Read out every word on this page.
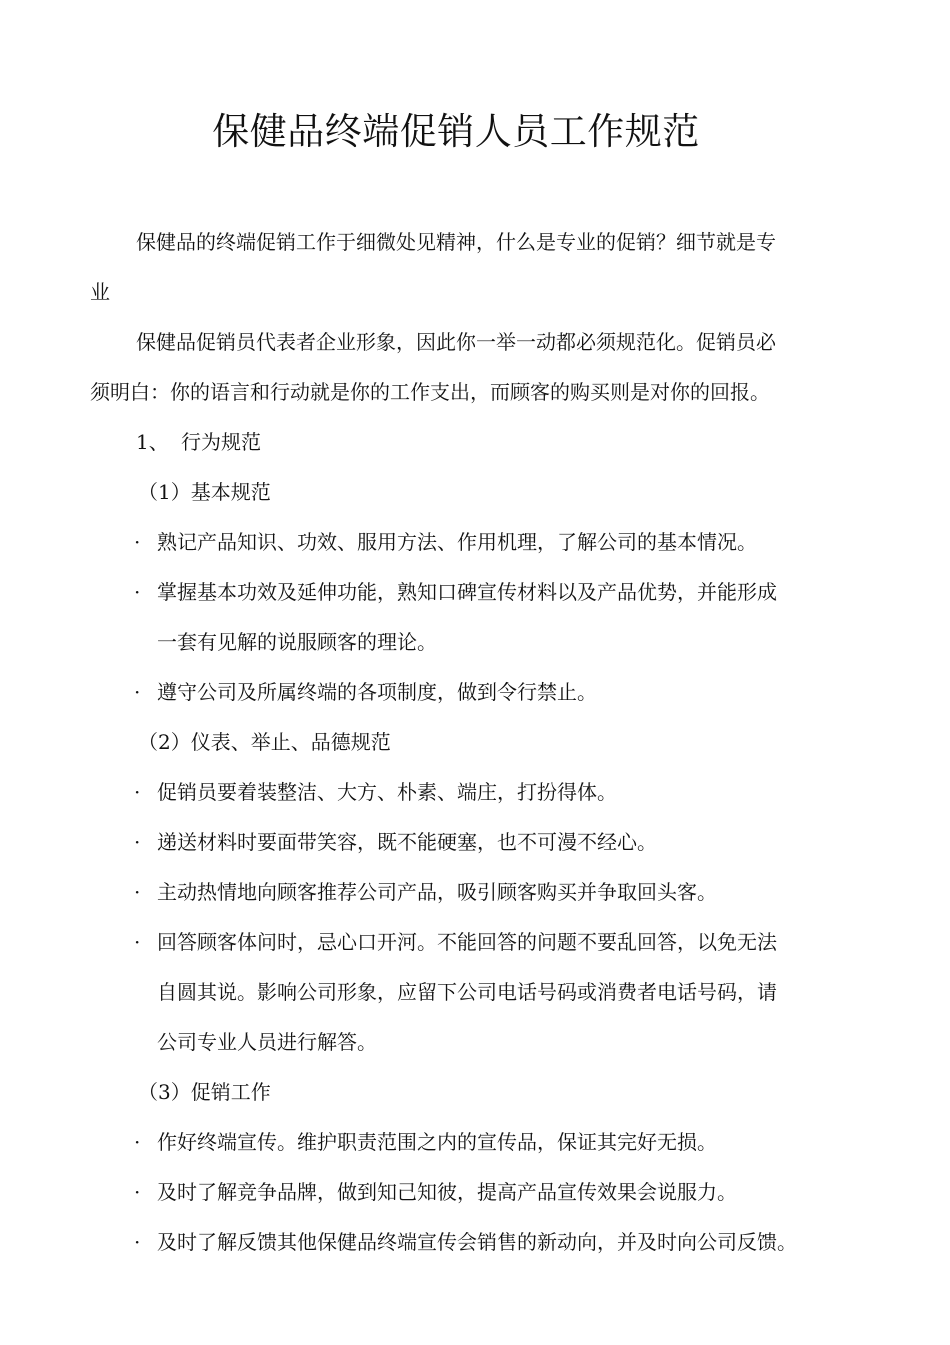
保健品终端促销人员工作规范
保健品的终端促销工作于细微处见精神，什么是专业的促销？细节就是专
业
保健品促销员代表者企业形象，因此你一举一动都必须规范化。促销员必
须明白：你的语言和行动就是你的工作支出，而顾客的购买则是对你的回报。
1、 行为规范
（1）基本规范
· 熟记产品知识、功效、服用方法、作用机理，了解公司的基本情况。
· 掌握基本功效及延伸功能，熟知口碑宣传材料以及产品优势，并能形成
一套有见解的说服顾客的理论。
· 遵守公司及所属终端的各项制度，做到令行禁止。
（2）仪表、举止、品德规范
· 促销员要着装整洁、大方、朴素、端庄，打扮得体。
· 递送材料时要面带笑容，既不能硬塞，也不可漫不经心。
· 主动热情地向顾客推荐公司产品，吸引顾客购买并争取回头客。
· 回答顾客体问时，忌心口开河。不能回答的问题不要乱回答，以免无法
自圆其说。影响公司形象，应留下公司电话号码或消费者电话号码，请
公司专业人员进行解答。
（3）促销工作
· 作好终端宣传。维护职责范围之内的宣传品，保证其完好无损。
· 及时了解竞争品牌，做到知己知彼，提高产品宣传效果会说服力。
· 及时了解反馈其他保健品终端宣传会销售的新动向，并及时向公司反馈。
